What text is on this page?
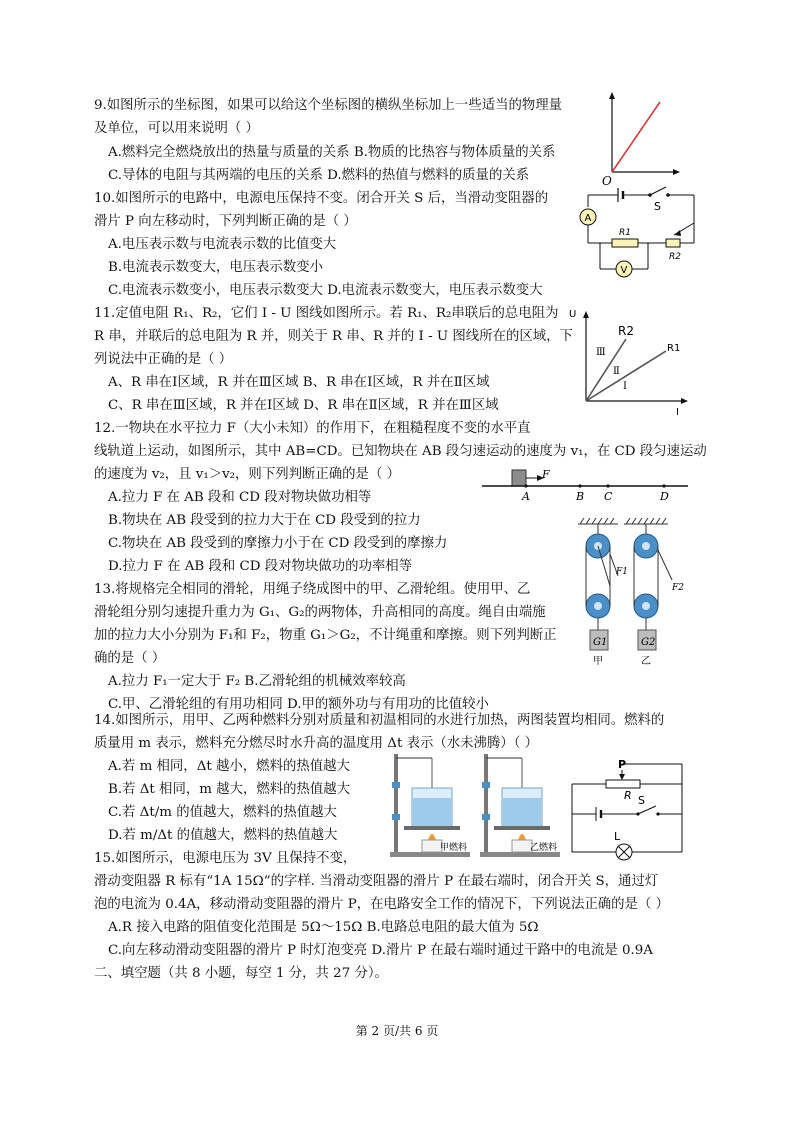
9.如图所示的坐标图，如果可以给这个坐标图的横纵坐标加上一些适当的物理量
及单位，可以用来说明（ ）
A.燃料完全燃烧放出的热量与质量的关系 B.物质的比热容与物体质量的关系
C.导体的电阻与其两端的电压的关系 D.燃料的热值与燃料的质量的关系	O
10.如图所示的电路中，电源电压保持不变。闭合开关 S 后，当滑动变阻器的
滑片 P 向左移动时，下列判断正确的是（ ）
A.电压表示数与电流表示数的比值变大
B.电流表示数变大，电压表示数变小
C.电流表示数变小，电压表示数变大 D.电流表示数变大，电压表示数变大
S
A
R1
R2
V
11.定值电阻 R₁、R₂，它们 I - U 图线如图所示。若 R₁、R₂串联后的总电阻为
R 串，并联后的总电阻为 R 并，则关于 R 串、R 并的 I - U 图线所在的区域，下
列说法中正确的是（ ）
A、R 串在Ⅰ区域，R 并在Ⅲ区域 B、R 串在Ⅰ区域，R 并在Ⅱ区域
C、R 串在Ⅲ区域，R 并在Ⅰ区域 D、R 串在Ⅱ区域，R 并在Ⅲ区域
U
I
R2
R1
Ⅲ
Ⅱ
Ⅰ
12.一物块在水平拉力 F（大小未知）的作用下，在粗糙程度不变的水平直
线轨道上运动，如图所示，其中 AB=CD。已知物块在 AB 段匀速运动的速度为 v₁，在 CD 段匀速运动
的速度为 v₂，且 v₁＞v₂，则下列判断正确的是（ ）
A.拉力 F 在 AB 段和 CD 段对物块做功相等
B.物块在 AB 段受到的拉力大于在 CD 段受到的拉力
C.物块在 AB 段受到的摩擦力小于在 CD 段受到的摩擦力
D.拉力 F 在 AB 段和 CD 段对物块做功的功率相等
F
A	B C	D
13.将规格完全相同的滑轮，用绳子绕成图中的甲、乙滑轮组。使用甲、乙
滑轮组分别匀速提升重力为 G₁、G₂的两物体，升高相同的高度。绳自由端施
加的拉力大小分别为 F₁和 F₂，物重 G₁＞G₂，不计绳重和摩擦。则下列判断正
确的是（ ）
A.拉力 F₁一定大于 F₂ B.乙滑轮组的机械效率较高
C.甲、乙滑轮组的有用功相同 D.甲的额外功与有用功的比值较小
F1
G1
甲
F2
G2
乙
14.如图所示，用甲、乙两种燃料分别对质量和初温相同的水进行加热，两图装置均相同。燃料的
质量用 m 表示，燃料充分燃尽时水升高的温度用 Δt 表示（水未沸腾）（ ）
A.若 m 相同，Δt 越小，燃料的热值越大
B.若 Δt 相同，m 越大，燃料的热值越大
C.若 Δt/m 的值越大，燃料的热值越大
D.若 m/Δt 的值越大，燃料的热值越大
甲燃料	乙燃料
P
R S
L
15.如图所示，电源电压为 3V 且保持不变，
滑动变阻器 R 标有“1A 15Ω”的字样. 当滑动变阻器的滑片 P 在最右端时，闭合开关 S，通过灯
泡的电流为 0.4A，移动滑动变阻器的滑片 P，在电路安全工作的情况下，下列说法正确的是（ ）
A.R 接入电路的阻值变化范围是 5Ω～15Ω B.电路总电阻的最大值为 5Ω
C.向左移动滑动变阻器的滑片 P 时灯泡变亮 D.滑片 P 在最右端时通过干路中的电流是 0.9A
二、填空题（共 8 小题，每空 1 分，共 27 分）。
第 2 页/共 6 页
